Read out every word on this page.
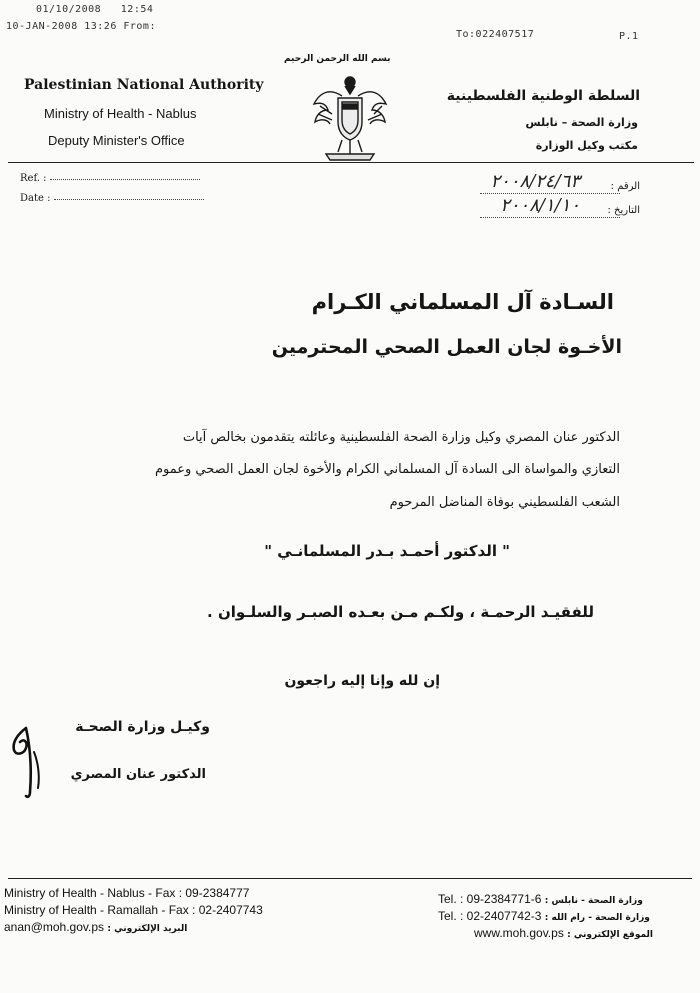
01/10/2008 12:54
10-JAN-2008 13:26 From:
To:022407517	P.1
بسم الله الرحمن الرحيم
Palestinian National Authority
Ministry of Health - Nablus
Deputy Minister's Office
السلطة الوطنية الفلسطينية
وزارة الصحة – نابلس
مكتب وكيل الوزارة
Ref. :
Date :
الرقم :
٢٠٠٨/٢٤/٦٣
التاريخ :
٢٠٠٨/١/١٠
السـادة آل المسلماني الكـرام
الأخـوة لجان العمل الصحي المحترمين
الدكتور عنان المصري وكيل وزارة الصحة الفلسطينية وعائلته يتقدمون بخالص آيات
التعازي والمواساة الى السادة آل المسلماني الكرام والأخوة لجان العمل الصحي وعموم
الشعب الفلسطيني بوفاة المناضل المرحوم
" الدكتور أحمـد بـدر المسلمانـي "
للفقيـد الرحمـة ، ولكـم مـن بعـده الصبـر والسلـوان .
إن لله وإنا إليه راجعون
وكيـل وزارة الصحـة
الدكتور عنان المصري
Ministry of Health - Nablus - Fax : 09-2384777
Ministry of Health - Ramallah - Fax : 02-2407743
anan@moh.gov.ps البريد الإلكتروني :
Tel. : 09-2384771-6 وزارة الصحة - نابلس :
Tel. : 02-2407742-3 وزارة الصحة - رام الله :
www.moh.gov.ps الموقع الإلكتروني :
